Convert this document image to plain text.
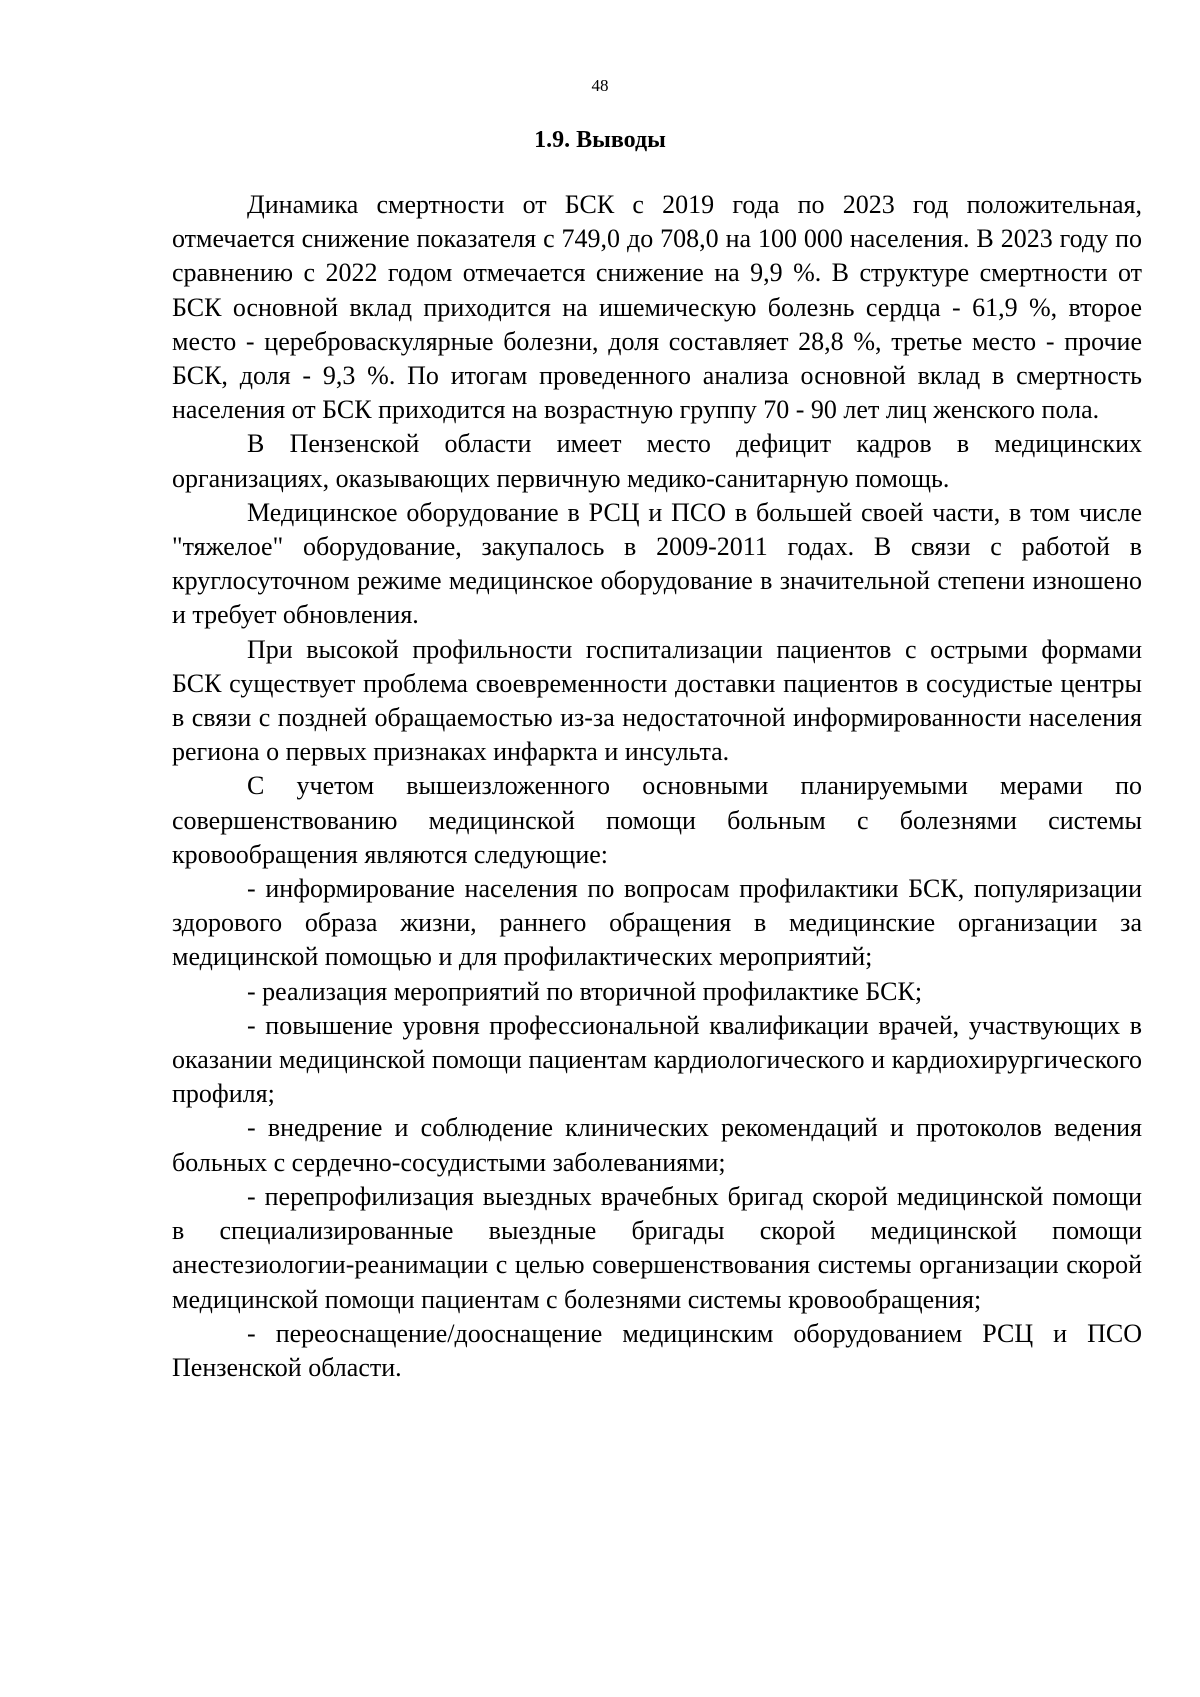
48
1.9. Выводы

Динамика смертности от БСК с 2019 года по 2023 год положительная, отмечается снижение показателя с 749,0 до 708,0 на 100 000 населения. В 2023 году по сравнению с 2022 годом отмечается снижение на 9,9 %. В структуре смертности от БСК основной вклад приходится на ишемическую болезнь сердца - 61,9 %, второе место - цереброваскулярные болезни, доля составляет 28,8 %, третье место - прочие БСК, доля - 9,3 %. По итогам проведенного анализа основной вклад в смертность населения от БСК приходится на возрастную группу 70 - 90 лет лиц женского пола.

В Пензенской области имеет место дефицит кадров в медицинских организациях, оказывающих первичную медико-санитарную помощь.

Медицинское оборудование в РСЦ и ПСО в большей своей части, в том числе "тяжелое" оборудование, закупалось в 2009-2011 годах. В связи с работой в круглосуточном режиме медицинское оборудование в значительной степени изношено и требует обновления.

При высокой профильности госпитализации пациентов с острыми формами БСК существует проблема своевременности доставки пациентов в сосудистые центры в связи с поздней обращаемостью из-за недостаточной информированности населения региона о первых признаках инфаркта и инсульта.

С учетом вышеизложенного основными планируемыми мерами по совершенствованию медицинской помощи больным с болезнями системы кровообращения являются следующие:

- информирование населения по вопросам профилактики БСК, популяризации здорового образа жизни, раннего обращения в медицинские организации за медицинской помощью и для профилактических мероприятий;

- реализация мероприятий по вторичной профилактике БСК;

- повышение уровня профессиональной квалификации врачей, участвующих в оказании медицинской помощи пациентам кардиологического и кардиохирургического профиля;

- внедрение и соблюдение клинических рекомендаций и протоколов ведения больных с сердечно-сосудистыми заболеваниями;

- перепрофилизация выездных врачебных бригад скорой медицинской помощи в специализированные выездные бригады скорой медицинской помощи анестезиологии-реанимации с целью совершенствования системы организации скорой медицинской помощи пациентам с болезнями системы кровообращения;

- переоснащение/дооснащение медицинским оборудованием РСЦ и ПСО Пензенской области.
